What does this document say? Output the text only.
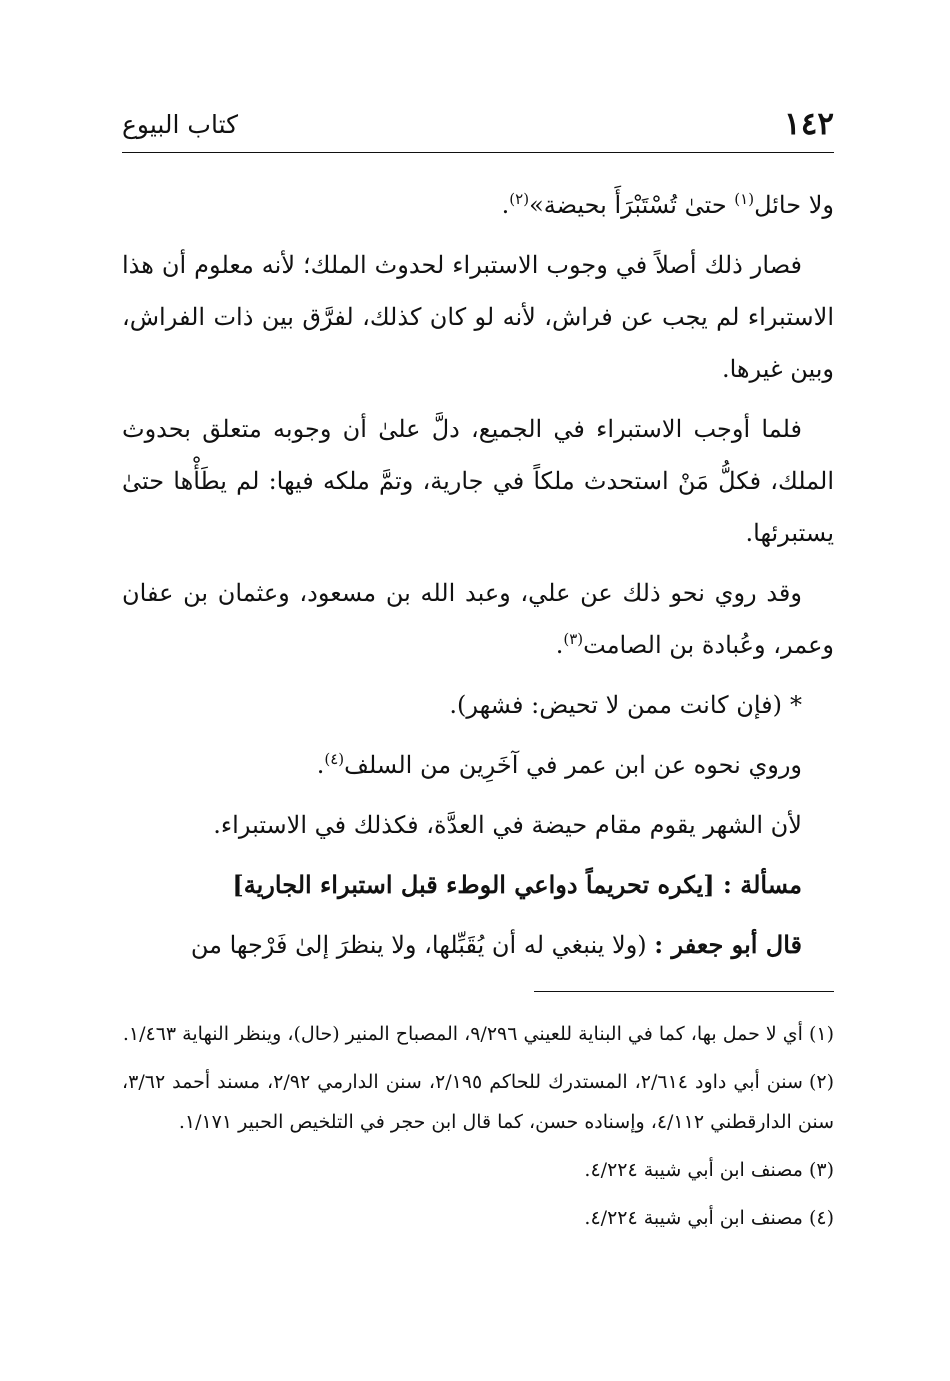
١٤٢
كتاب البيوع

ولا حائل$^{(١)}$ حتىٰ تُسْتَبْرَأَ بحيضة»$^{(٢)}$.

فصار ذلك أصلاً في وجوب الاستبراء لحدوث الملك؛ لأنه معلوم أن هذا الاستبراء لم يجب عن فراش، لأنه لو كان كذلك، لفرَّق بين ذات الفراش، وبين غيرها.

فلما أوجب الاستبراء في الجميع، دلَّ علىٰ أن وجوبه متعلق بحدوث الملك، فكلُّ مَنْ استحدث ملكاً في جارية، وتمَّ ملكه فيها: لم يطَأْها حتىٰ يستبرئها.

وقد روي نحو ذلك عن علي، وعبد الله بن مسعود، وعثمان بن عفان وعمر، وعُبادة بن الصامت$^{(٣)}$.

*(فإن كانت ممن لا تحيض: فشهر).

وروي نحوه عن ابن عمر في آخَرِين من السلف$^{(٤)}$.

لأن الشهر يقوم مقام حيضة في العدَّة، فكذلك في الاستبراء.

مسألة : [يكره تحريماً دواعي الوطء قبل استبراء الجارية]

قال أبو جعفر : (ولا ينبغي له أن يُقَبِّلها، ولا ينظرَ إلىٰ فَرْجها من

(١)أي لا حمل بها، كما في البناية للعيني ٩/٢٩٦، المصباح المنير (حال)، وينظر النهاية ١/٤٦٣.
(٢)سنن أبي داود ٢/٦١٤، المستدرك للحاكم ٢/١٩٥، سنن الدارمي ٢/٩٢، مسند أحمد ٣/٦٢، سنن الدارقطني ٤/١١٢، وإسناده حسن، كما قال ابن حجر في التلخيص الحبير ١/١٧١.
(٣)مصنف ابن أبي شيبة ٤/٢٢٤.
(٤)مصنف ابن أبي شيبة ٤/٢٢٤.
